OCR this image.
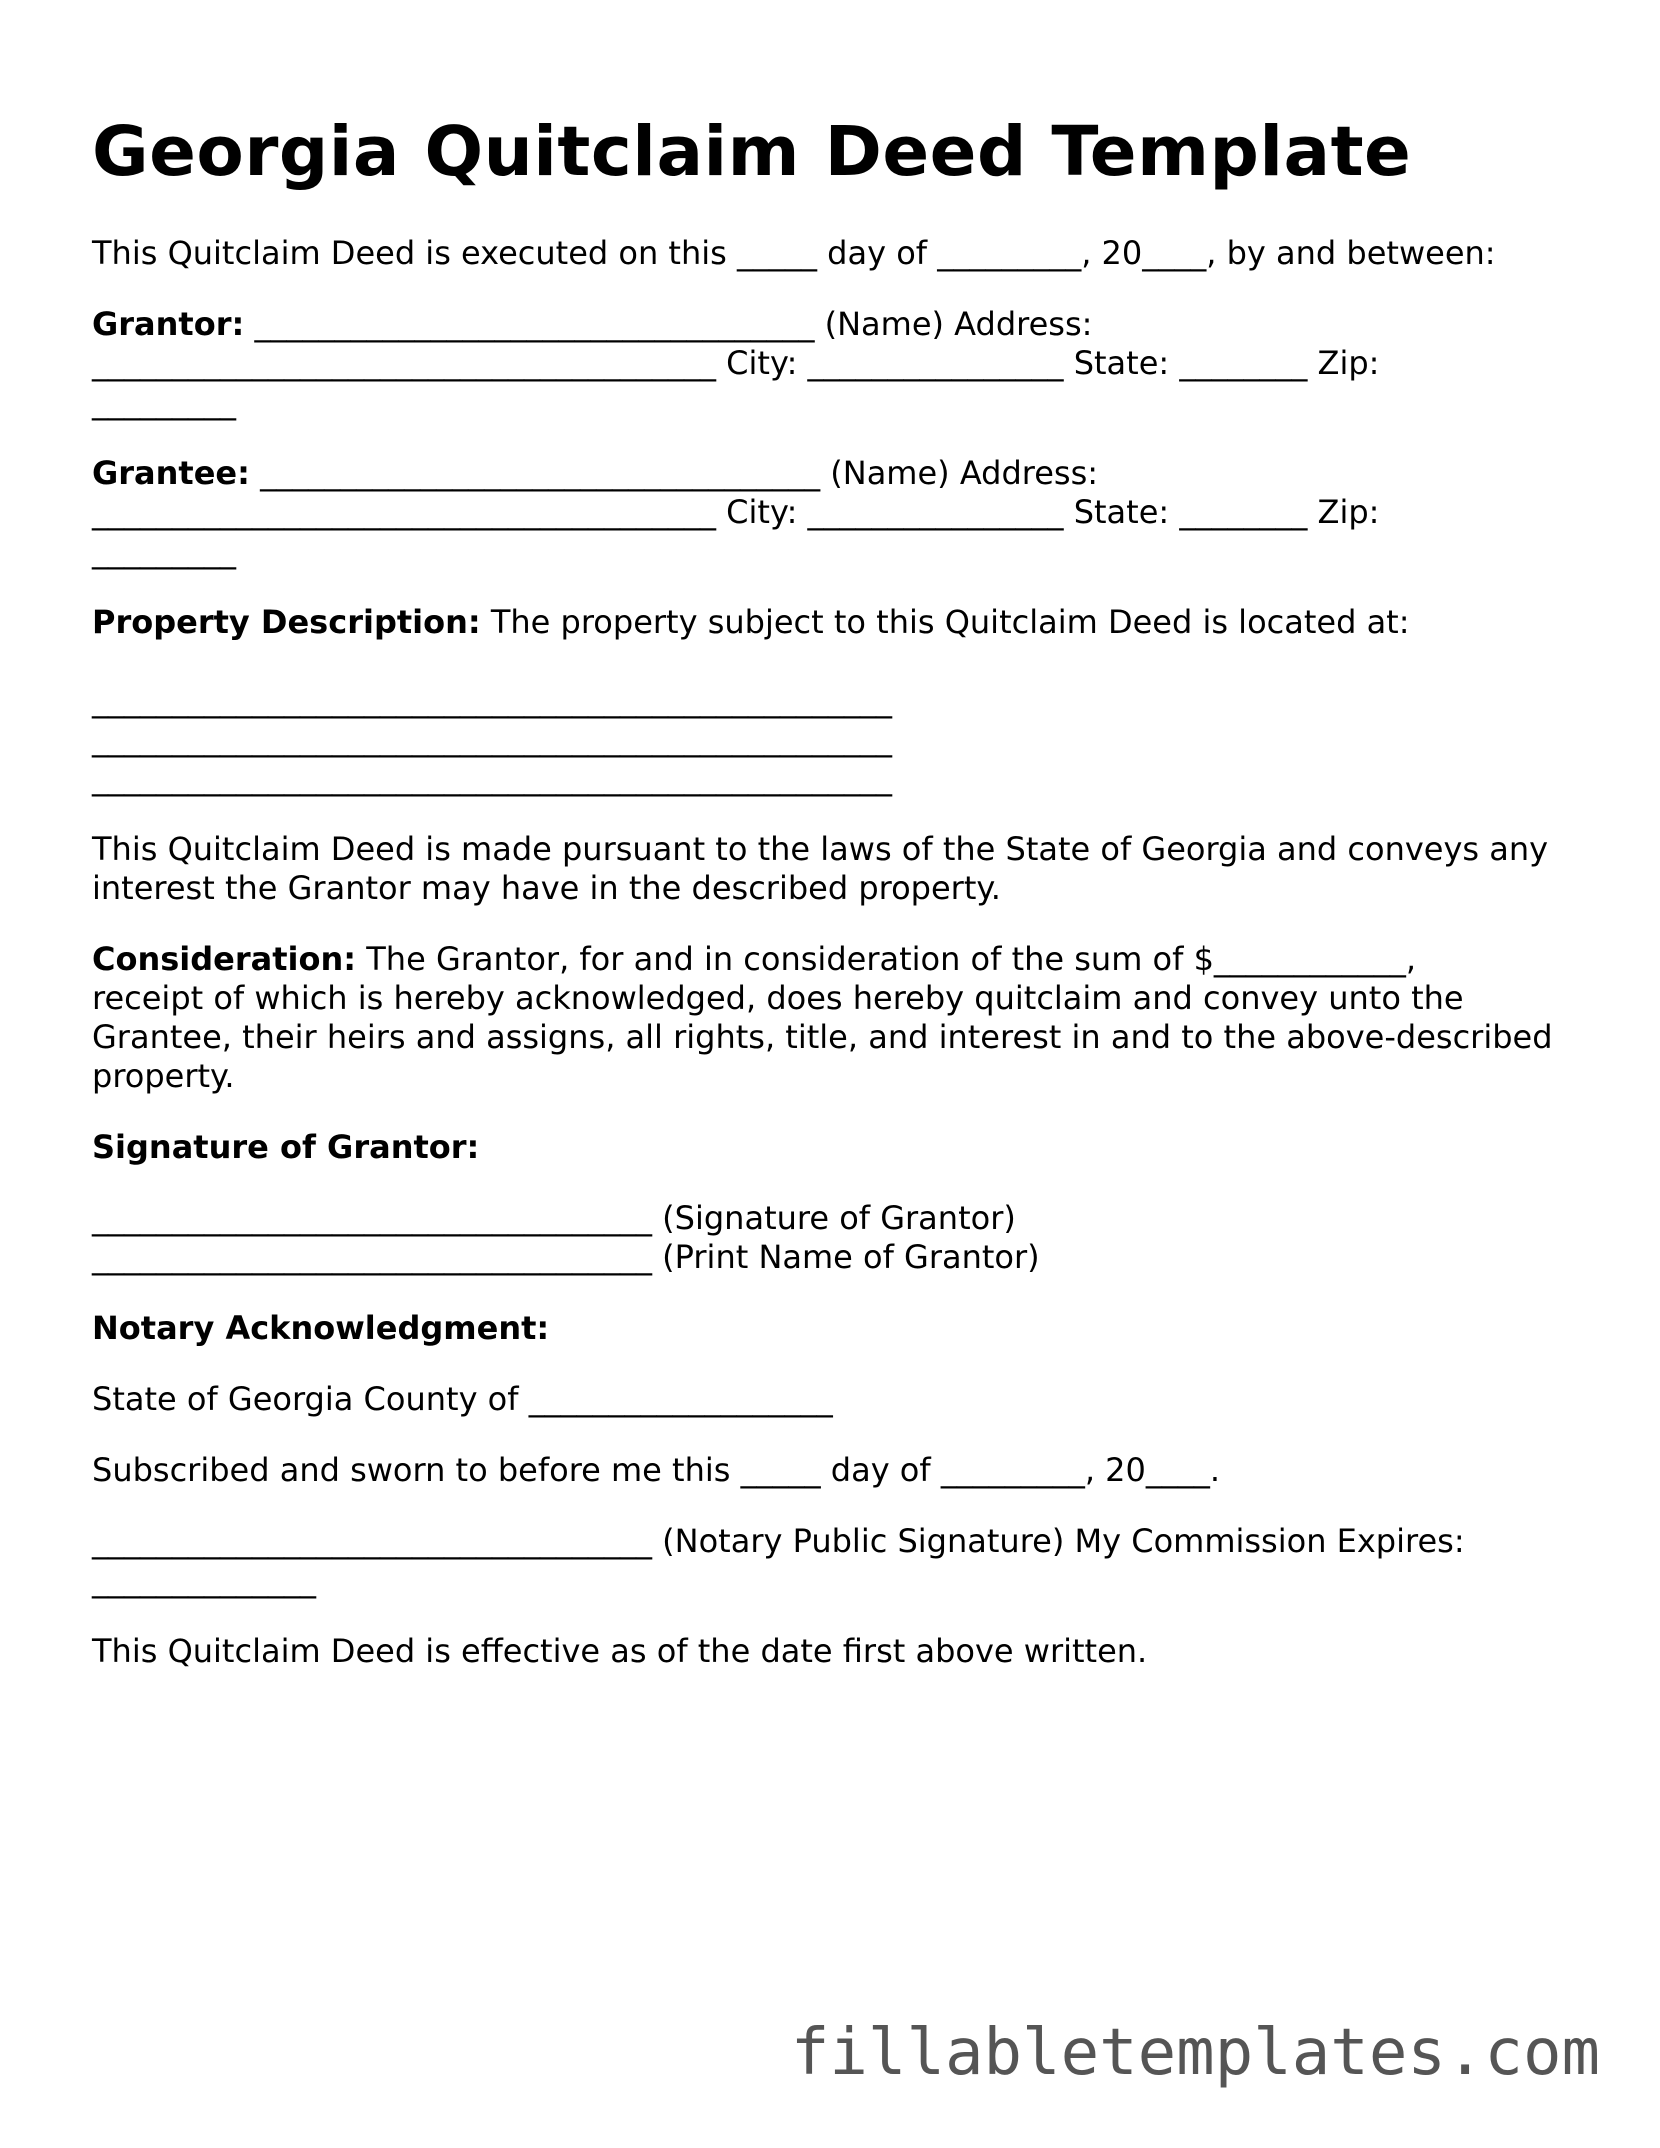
Georgia Quitclaim Deed Template

This Quitclaim Deed is executed on this _____ day of _________, 20____, by and between:

Grantor: ___________________________________ (Name) Address:

_______________________________________ City: ________________ State: ________ Zip:

_________

Grantee: ___________________________________ (Name) Address:

_______________________________________ City: ________________ State: ________ Zip:

_________

Property Description: The property subject to this Quitclaim Deed is located at:

__________________________________________________

__________________________________________________

__________________________________________________

This Quitclaim Deed is made pursuant to the laws of the State of Georgia and conveys any
interest the Grantor may have in the described property.

Consideration: The Grantor, for and in consideration of the sum of $____________,
receipt of which is hereby acknowledged, does hereby quitclaim and convey unto the
Grantee, their heirs and assigns, all rights, title, and interest in and to the above-described
property.

Signature of Grantor:

___________________________________ (Signature of Grantor)

___________________________________ (Print Name of Grantor)

Notary Acknowledgment:

State of Georgia County of ___________________

Subscribed and sworn to before me this _____ day of _________, 20____.

___________________________________ (Notary Public Signature) My Commission Expires:

______________

This Quitclaim Deed is effective as of the date first above written.

fillabletemplates.com
